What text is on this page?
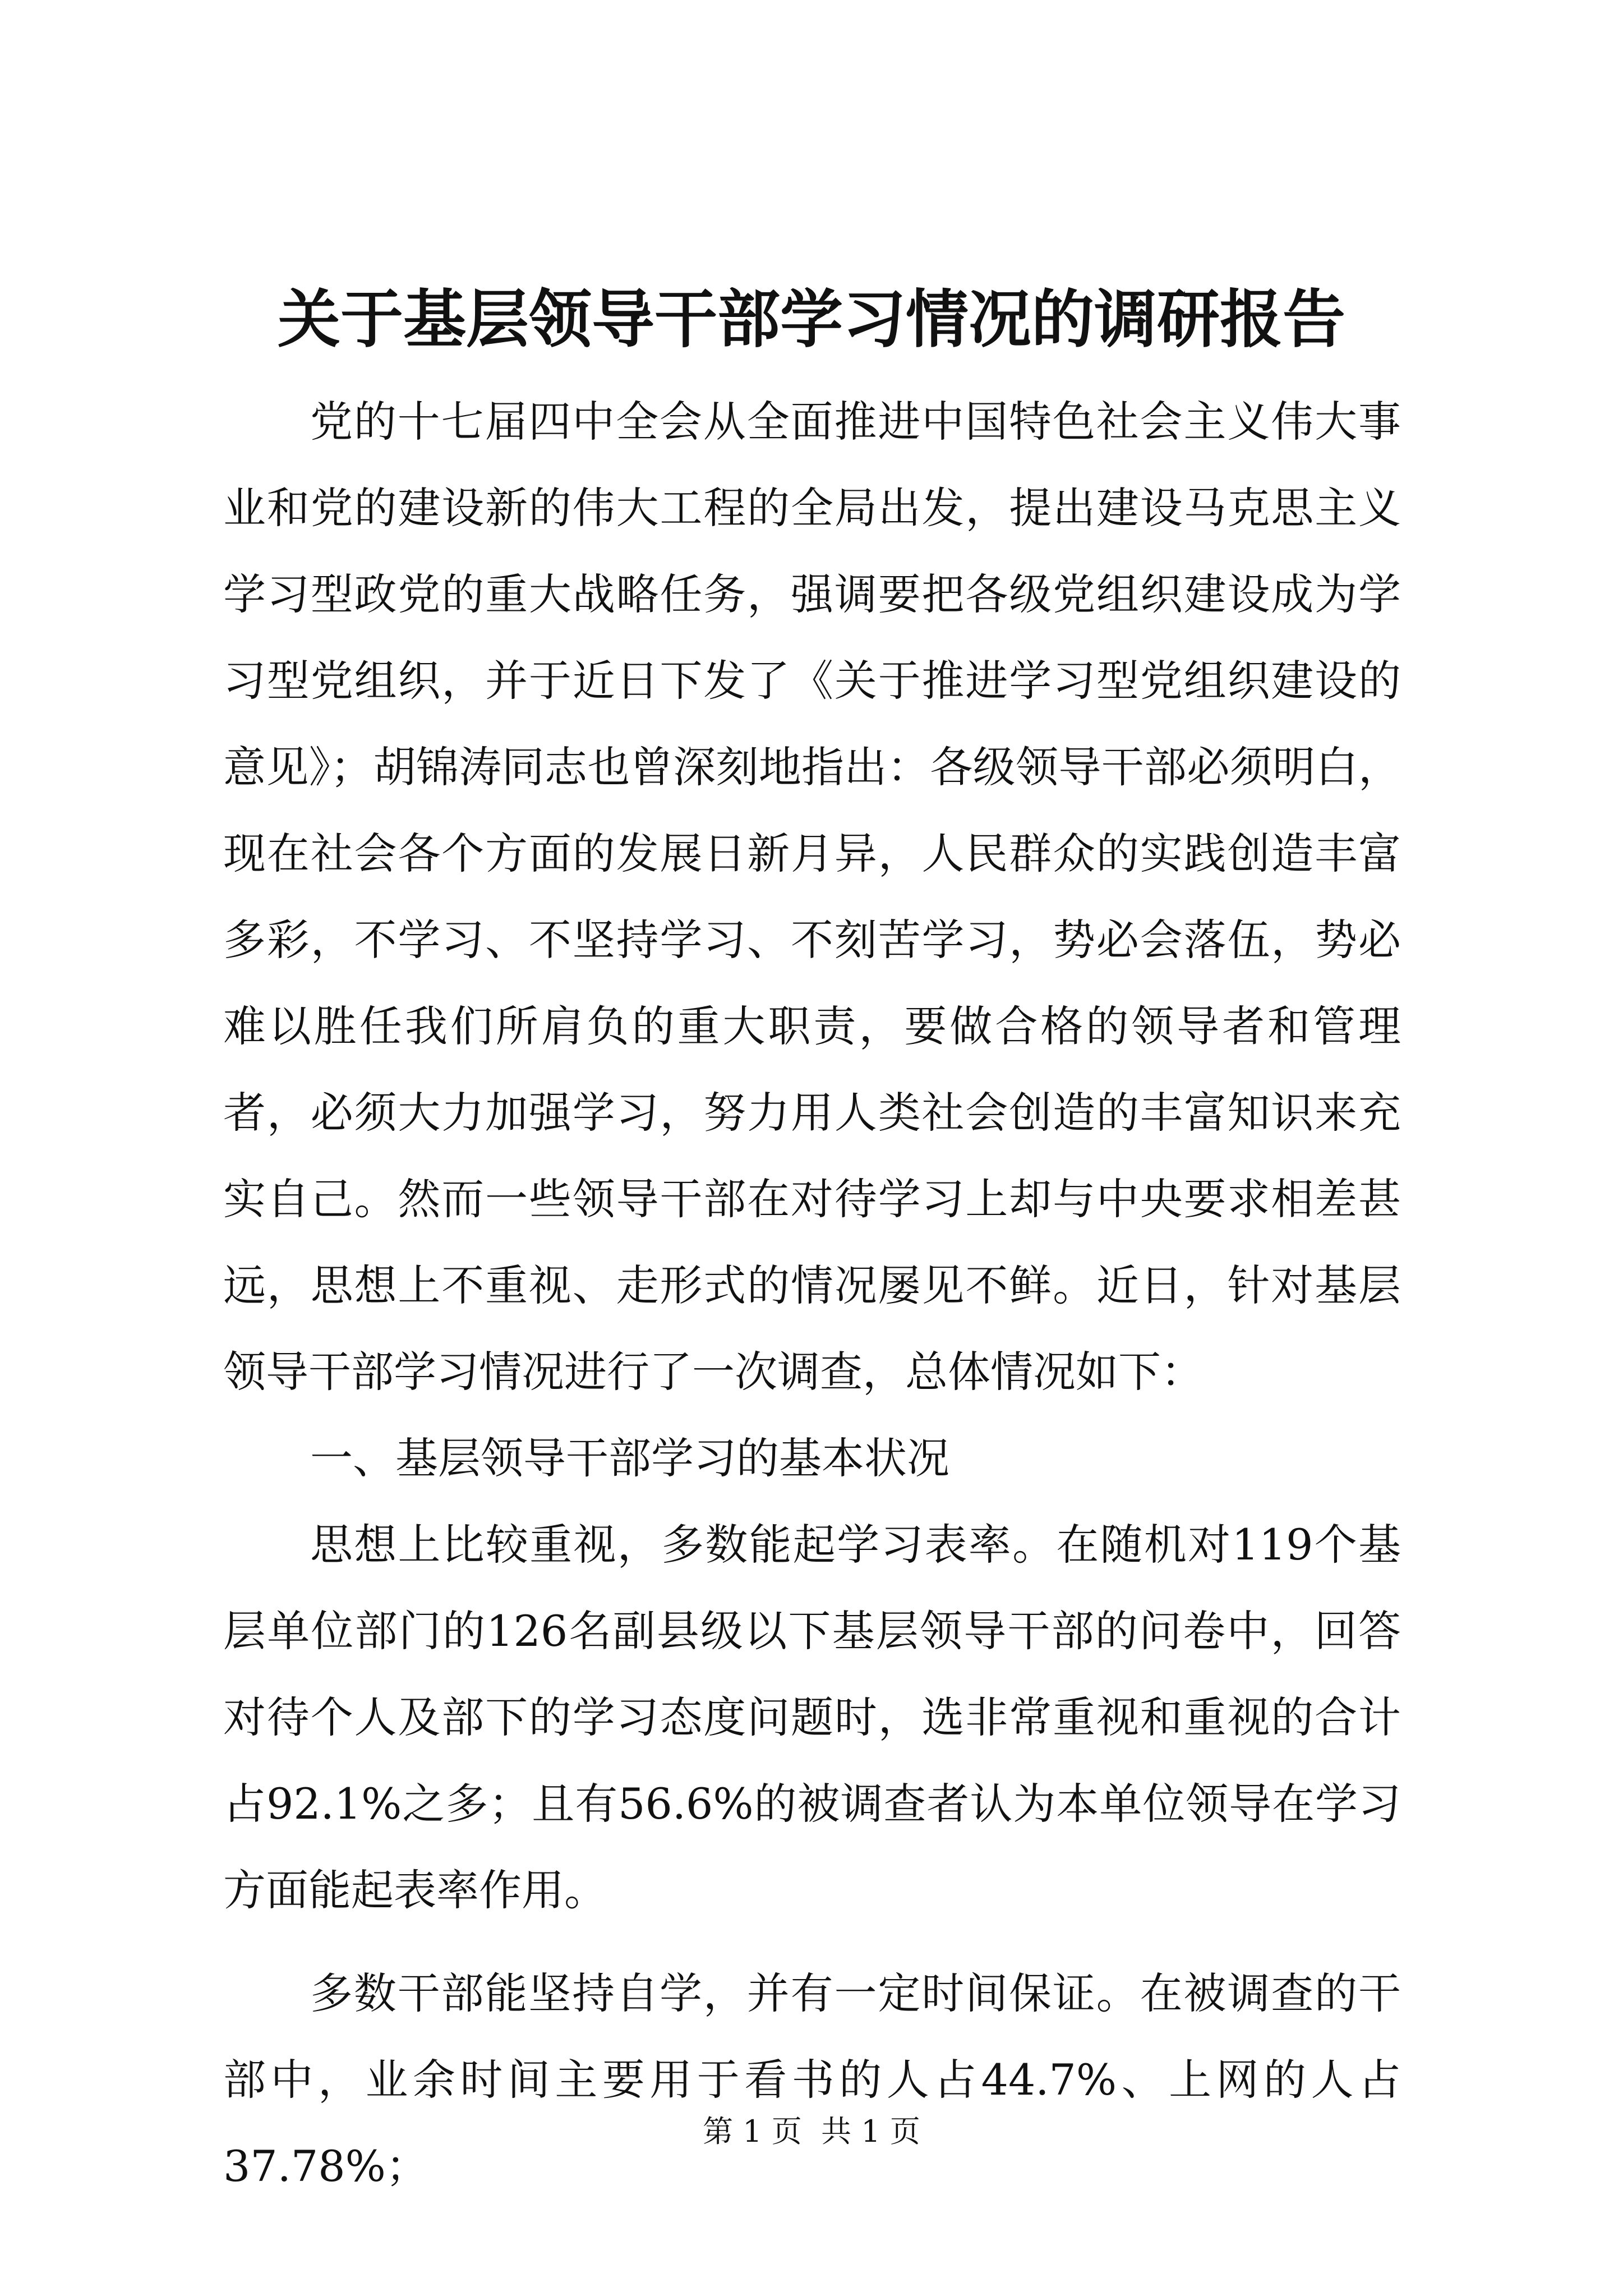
关于基层领导干部学习情况的调研报告

党的十七届四中全会从全面推进中国特色社会主义伟大事业和党的建设新的伟大工程的全局出发，提出建设马克思主义学习型政党的重大战略任务，强调要把各级党组织建设成为学习型党组织，并于近日下发了《关于推进学习型党组织建设的意见》；胡锦涛同志也曾深刻地指出：各级领导干部必须明白，现在社会各个方面的发展日新月异，人民群众的实践创造丰富多彩，不学习、不坚持学习、不刻苦学习，势必会落伍，势必难以胜任我们所肩负的重大职责，要做合格的领导者和管理者，必须大力加强学习，努力用人类社会创造的丰富知识来充实自己。然而一些领导干部在对待学习上却与中央要求相差甚远，思想上不重视、走形式的情况屡见不鲜。近日，针对基层领导干部学习情况进行了一次调查，总体情况如下：

一、基层领导干部学习的基本状况

思想上比较重视，多数能起学习表率。在随机对119个基层单位部门的126名副县级以下基层领导干部的问卷中，回答对待个人及部下的学习态度问题时，选非常重视和重视的合计占92.1%之多；且有56.6%的被调查者认为本单位领导在学习方面能起表率作用。

多数干部能坚持自学，并有一定时间保证。在被调查的干部中，业余时间主要用于看书的人占44.7%、上网的人占37.78%；

第 1 页  共 1 页
